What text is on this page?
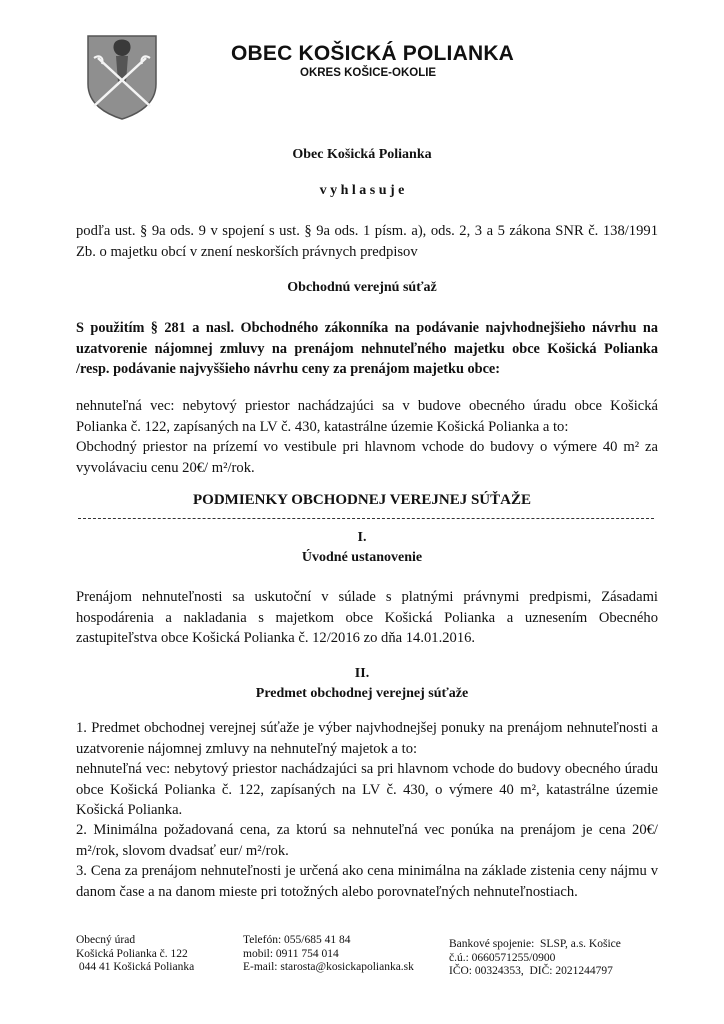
OBEC KOŠICKÁ POLIANKA
OKRES KOŠICE-OKOLIE
Obec Košická Polianka
v y h l a s u j e
podľa ust. § 9a ods. 9 v spojení s ust. § 9a ods. 1 písm. a), ods. 2, 3 a 5 zákona SNR č. 138/1991 Zb. o majetku obcí v znení neskorších právnych predpisov
Obchodnú verejnú súťaž
S použitím § 281 a nasl. Obchodného zákonníka na podávanie najvhodnejšieho návrhu na uzatvorenie nájomnej zmluvy na prenájom nehnuteľného majetku obce Košická Polianka /resp. podávanie najvyššieho návrhu ceny za prenájom majetku obce:
nehnuteľná vec: nebytový priestor nachádzajúci sa v budove obecného úradu obce Košická Polianka č. 122, zapísaných na LV č. 430, katastrálne územie Košická Polianka a to:
Obchodný priestor na prízemí vo vestibule pri hlavnom vchode do budovy o výmere 40 m² za vyvolávaciu cenu 20€/ m²/rok.
PODMIENKY OBCHODNEJ VEREJNEJ SÚŤAŽE
I.
Úvodné ustanovenie
Prenájom nehnuteľnosti sa uskutoční v súlade s platnými právnymi predpismi, Zásadami hospodárenia a nakladania s majetkom obce Košická Polianka a uznesením Obecného zastupiteľstva obce Košická Polianka č. 12/2016 zo dňa 14.01.2016.
II.
Predmet obchodnej verejnej súťaže
1. Predmet obchodnej verejnej súťaže je výber najvhodnejšej ponuky na prenájom nehnuteľnosti a uzatvorenie nájomnej zmluvy na nehnuteľný majetok a to:
nehnuteľná vec: nebytový priestor nachádzajúci sa pri hlavnom vchode do budovy obecného úradu obce Košická Polianka č. 122, zapísaných na LV č. 430, o výmere 40 m², katastrálne územie Košická Polianka.
2. Minimálna požadovaná cena, za ktorú sa nehnuteľná vec ponúka na prenájom je cena 20€/ m²/rok, slovom dvadsať eur/ m²/rok.
3. Cena za prenájom nehnuteľnosti je určená ako cena minimálna na základe zistenia ceny nájmu v danom čase a na danom mieste pri totožných alebo porovnateľných nehnuteľnostiach.
Obecný úrad
Košická Polianka č. 122
044 41 Košická Polianka
Telefón: 055/685 41 84
mobil: 0911 754 014
E-mail: starosta@kosickapolianka.sk
Bankové spojenie:  SLSP, a.s. Košice
č.ú.: 0660571255/0900
IČO: 00324353,  DIČ: 2021244797
